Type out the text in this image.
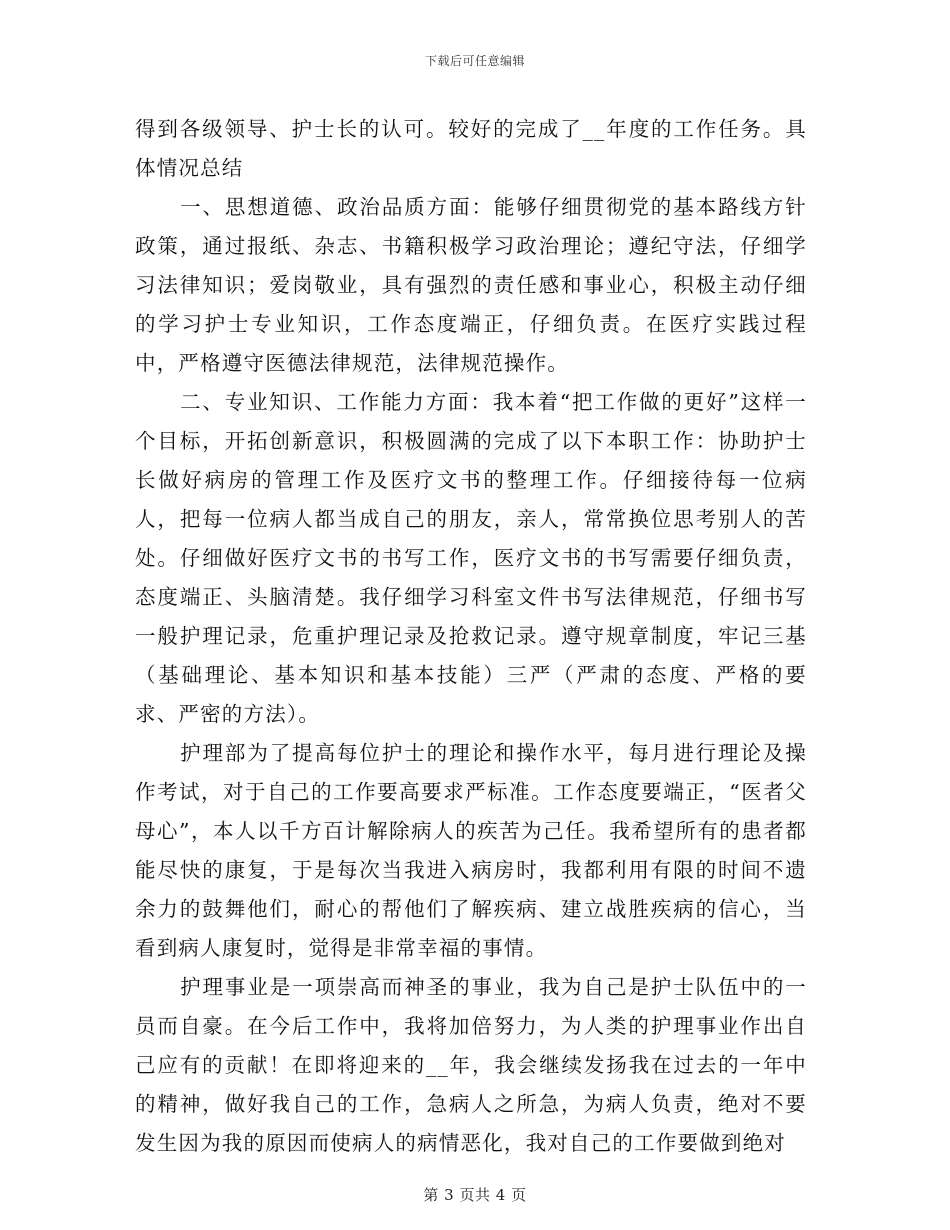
下载后可任意编辑

得到各级领导、护士长的认可。较好的完成了__年度的工作任务。具体情况总结

一、思想道德、政治品质方面：能够仔细贯彻党的基本路线方针政策，通过报纸、杂志、书籍积极学习政治理论；遵纪守法，仔细学习法律知识；爱岗敬业，具有强烈的责任感和事业心，积极主动仔细的学习护士专业知识，工作态度端正，仔细负责。在医疗实践过程中，严格遵守医德法律规范，法律规范操作。

二、专业知识、工作能力方面：我本着“把工作做的更好”这样一个目标，开拓创新意识，积极圆满的完成了以下本职工作：协助护士长做好病房的管理工作及医疗文书的整理工作。仔细接待每一位病人，把每一位病人都当成自己的朋友，亲人，常常换位思考别人的苦处。仔细做好医疗文书的书写工作，医疗文书的书写需要仔细负责，态度端正、头脑清楚。我仔细学习科室文件书写法律规范，仔细书写一般护理记录，危重护理记录及抢救记录。遵守规章制度，牢记三基（基础理论、基本知识和基本技能）三严（严肃的态度、严格的要求、严密的方法）。

护理部为了提高每位护士的理论和操作水平，每月进行理论及操作考试，对于自己的工作要高要求严标准。工作态度要端正，“医者父母心”，本人以千方百计解除病人的疾苦为己任。我希望所有的患者都能尽快的康复，于是每次当我进入病房时，我都利用有限的时间不遗余力的鼓舞他们，耐心的帮他们了解疾病、建立战胜疾病的信心，当看到病人康复时，觉得是非常幸福的事情。

护理事业是一项崇高而神圣的事业，我为自己是护士队伍中的一员而自豪。在今后工作中，我将加倍努力，为人类的护理事业作出自己应有的贡献！在即将迎来的__年，我会继续发扬我在过去的一年中的精神，做好我自己的工作，急病人之所急，为病人负责，绝对不要发生因为我的原因而使病人的病情恶化，我对自己的工作要做到绝对

第 3 页共 4 页
